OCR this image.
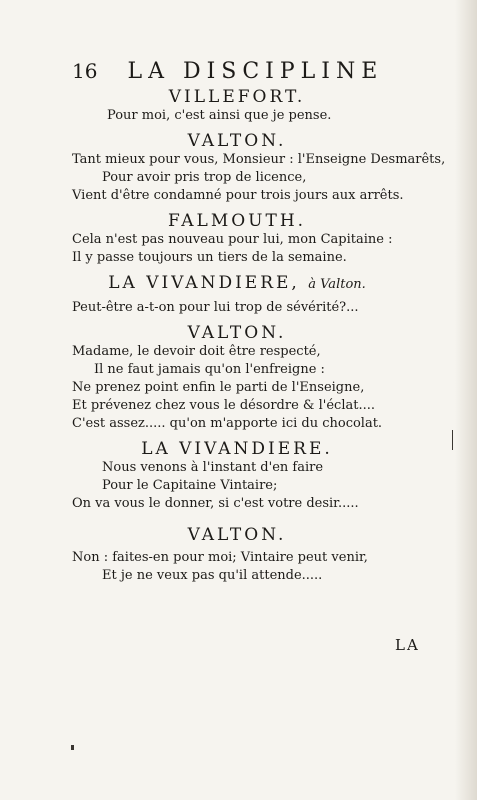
16 LA DISCIPLINE

VILLEFORT.

Pour moi, c'est ainsi que je pense.

VALTON.

Tant mieux pour vous, Monsieur : l'Enseigne Desmarêts,
Pour avoir pris trop de licence,
Vient d'être condamné pour trois jours aux arrêts.

FALMOUTH.

Cela n'est pas nouveau pour lui, mon Capitaine :
Il y passe toujours un tiers de la semaine.

LA VIVANDIERE, à Valton.

Peut-être a-t-on pour lui trop de sévérité?...

VALTON.

Madame, le devoir doit être respecté,
Il ne faut jamais qu'on l'enfreigne :
Ne prenez point enfin le parti de l'Enseigne,
Et prévenez chez vous le désordre & l'éclat....
C'est assez..... qu'on m'apporte ici du chocolat.

LA VIVANDIERE.

Nous venons à l'instant d'en faire
Pour le Capitaine Vintaire;
On va vous le donner, si c'est votre desir.....

VALTON.

Non : faites-en pour moi; Vintaire peut venir,
Et je ne veux pas qu'il attende.....
LA
